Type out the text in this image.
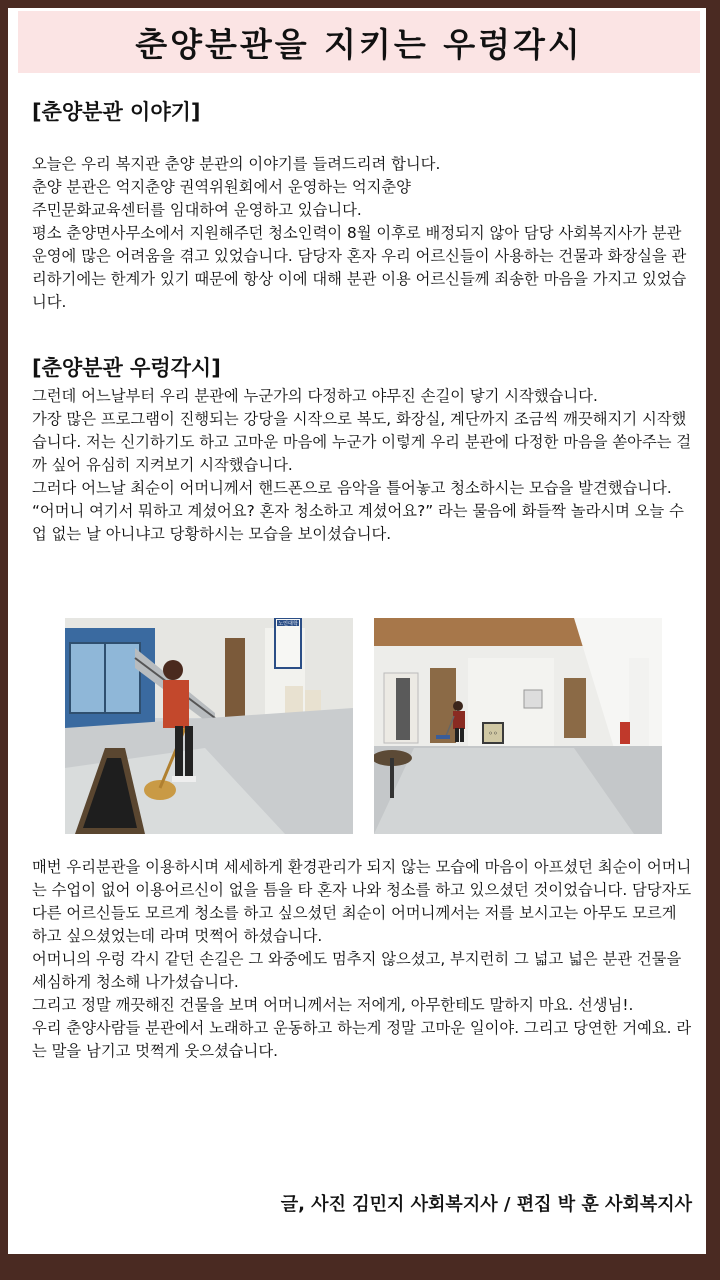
춘양분관을 지키는 우렁각시
[춘양분관 이야기]

오늘은 우리 복지관 춘양 분관의 이야기를 들려드리려 합니다.

춘양 분관은 억지춘양 권역위원회에서 운영하는 억지춘양

주민문화교육센터를 임대하여 운영하고 있습니다.

평소 춘양면사무소에서 지원해주던 청소인력이 8월 이후로 배정되지 않아 담당 사회복지사가 분관 운영에 많은 어려움을 겪고 있었습니다. 담당자 혼자 우리 어르신들이 사용하는 건물과 화장실을 관리하기에는 한계가 있기 때문에 항상 이에 대해 분관 이용 어르신들께 죄송한 마음을 가지고 있었습니다.

[춘양분관 우렁각시]

그런데 어느날부터 우리 분관에 누군가의 다정하고 야무진 손길이 닿기 시작했습니다.

가장 많은 프로그램이 진행되는 강당을 시작으로 복도, 화장실, 계단까지 조금씩 깨끗해지기 시작했습니다. 저는 신기하기도 하고 고마운 마음에 누군가 이렇게 우리 분관에 다정한 마음을 쏟아주는 걸까 싶어 유심히 지켜보기 시작했습니다.

그러다 어느날 최순이 어머니께서 핸드폰으로 음악을 틀어놓고 청소하시는 모습을 발견했습니다. “어머니 여기서 뭐하고 계셨어요? 혼자 청소하고 계셨어요?” 라는 물음에 화들짝 놀라시며 오늘 수업 없는 날 아니냐고 당황하시는 모습을 보이셨습니다.

노인대학
ㅇㅇ

매번 우리분관을 이용하시며 세세하게 환경관리가 되지 않는 모습에 마음이 아프셨던 최순이 어머니는 수업이 없어 이용어르신이 없을 틈을 타 혼자 나와 청소를 하고 있으셨던 것이었습니다. 담당자도 다른 어르신들도 모르게 청소를 하고 싶으셨던 최순이 어머니께서는 저를 보시고는 아무도 모르게 하고 싶으셨었는데 라며 멋쩍어 하셨습니다.

어머니의 우렁 각시 같던 손길은 그 와중에도 멈추지 않으셨고, 부지런히 그 넓고 넓은 분관 건물을 세심하게 청소해 나가셨습니다.

그리고 정말 깨끗해진 건물을 보며 어머니께서는 저에게, 아무한테도 말하지 마요. 선생님!.

우리 춘양사람들 분관에서 노래하고 운동하고 하는게 정말 고마운 일이야. 그리고 당연한 거예요. 라는 말을 남기고 멋쩍게 웃으셨습니다.

글, 사진 김민지 사회복지사 / 편집 박 훈 사회복지사
